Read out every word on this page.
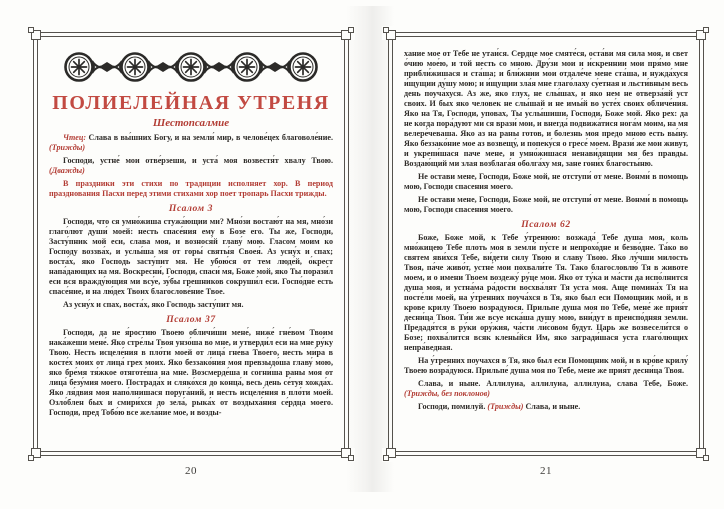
ПОЛИЕЛЕЙНАЯ УТРЕНЯ
Шестопсалмие

Чтец: Слава в вы́шних Богу, и на земли́ мир, в челове́цех благоволе́ние. (Трижды)

Господи, устне́ мои отве́рзеши, и уста́ моя возвестя́т хвалу Твою. (Дважды)

В праздники эти стихи по традиции исполняет хор. В период празднования Пасхи перед этими стихами хор поет тропарь Пасхи трижды.

Псалом 3

Господи, что ся умно́жиша стужа́ющии ми? Мно́зи востаю́т на мя, мно́зи глаго́лют души́ моей: несть спасе́ния ему в Бозе его. Ты же, Господи, Засту́пник мой еси, слава моя, и вознося́й главу́ мою. Гласом моим ко Господу воззва́х, и услы́ша мя от горы́ святы́я Своея́. Аз усну́х и спах; воста́х, яко Господь засту́пит мя. Не убою́ся от тем люде́й, о́крест напа́дающих на мя. Воскресни́, Господи, спаси́ мя, Боже мой, яко Ты порази́л еси вся вражду́ющия ми всу́е, зу́бы грешников сокруши́л еси. Госпо́дне есть спасе́ние, и на лю́дех Твоих благослове́ние Твое.

Аз усну́х и спах, воста́х, яко Господь засту́пит мя.

Псалом 37

Господи, да не я́ростию Твоею обличи́ши мене́, ниже́ гне́вом Твоим нака́жеши мене́. Яко стре́лы Твоя унзо́ша во мне, и утверди́л еси на мне ру́ку Твою. Несть исцеле́ния в пло́ти моей от лица́ гне́ва Твоего, несть ми́ра в косте́х моих от лица́ грех моих. Яко беззако́ния моя превзыдо́ша главу́ мою, яко бре́мя тя́жкое отяготе́ша на мне. Возсмерде́ша и согни́ша раны моя от лица́ безу́мия моего. Пострада́х и сляко́хся до конца́, весь день се́туя хожда́х. Яко ля́двия моя напо́лнишася поруга́ний, и несть исцеле́ния в пло́ти моей. Озло́блен бых и смири́хся до зела́, рыка́х от воздыха́ния се́рдца моего. Господи, пред Тобо́ю все жела́ние мое, и возды-

20

хание мое от Тебе не утаи́ся. Сердце мое смяте́ся, оста́ви мя сила моя, и свет о́чию мое́ю, и той несть со мною. Дру́зи мои и и́скреннии мои пря́мо мне прибли́жишася и ста́ша; и бли́жнии мои отдале́че мене ста́ша, и нужда́хуся и́щущии ду́шу мою; и и́щущии зла́я мне глаго́лаху су́етная и льсти́вным весь день поуча́хуся. Аз же, яко глух, не слы́шах, и яко нем не отверза́яй уст своих. И бых яко человек не слы́шай и не имы́й во усте́х своих обличе́ния. Яко на Тя, Господи, уповах, Ты услы́шиши, Господи, Боже мой. Яко рех: да не когда пора́дуют ми ся врази́ мои, и внегда́ подвижа́тися нога́м моим, на мя велере́чеваша. Яко аз на раны готов, и болезнь моя предо мною есть вы́ну. Яко беззако́ние мое аз возвещу́, и попеку́ся о гресе́ моем. Врази́ же мои живут, и укрепи́шася паче мене, и умно́жишася ненави́дящии мя без правды. Воздаю́щий ми злая возблага́я оболга́ху мя, зане гони́х благосты́ню.

Не остави мене, Господи, Боже мой, не отступи́ от мене. Вонми́ в помощь мою, Господи спасения моего.

Не остави мене, Господи, Боже мой, не отступи́ от мене. Вонми́ в помощь мою, Господи спасения моего.

Псалом 62

Боже, Боже мой, к Тебе у́тренюю: возжада́ Тебе душа моя, коль мно́жицею Тебе плоть моя в земли́ пу́сте и непрохо́дне и безво́дне. Та́ко во святем яви́хся Тебе, ви́дети силу Твою и славу Твою. Яко лу́чши милость Твоя, па́че живо́т, устне́ мои похвали́те Тя. Тако благословлю́ Тя в животе моем, и о имени Твоем воздежу́ ру́це мои. Яко от ту́ка и ма́сти да испо́лнится душа моя, и устна́ма ра́дости восхва́лят Тя уста моя. Аще помина́х Тя на посте́ли моей, на у́тренних поуча́хся в Тя, яко был еси Помощник мой, и в крове крилу Твоею возрадуюся. Прильпе душа моя по Тебе, мене́ же прия́т десни́ца Твоя. Ти́и же всуе иска́ша душу мою, вни́дут в преиспо́дняя земли. Предадя́тся в ру́ки ору́жия, ча́сти ли́совом будут. Царь же возвесели́тся о Бозе; похва́лится всяк клены́йся Им, яко загради́шася уста глаго́лющих непра́ведная.

На у́тренних поучахся в Тя, яко был еси Помощник мой, и в кро́ве крилу́ Твоею возра́дуюся. Прильпе́ душа моя по Тебе, мене же прия́т десни́ца Твоя.

Слава, и ныне. Аллилуиа, аллилуиа, аллилуиа, слава Тебе, Боже. (Трижды, без поклонов)

Господи, помилуй. (Трижды) Слава, и ныне.

21
